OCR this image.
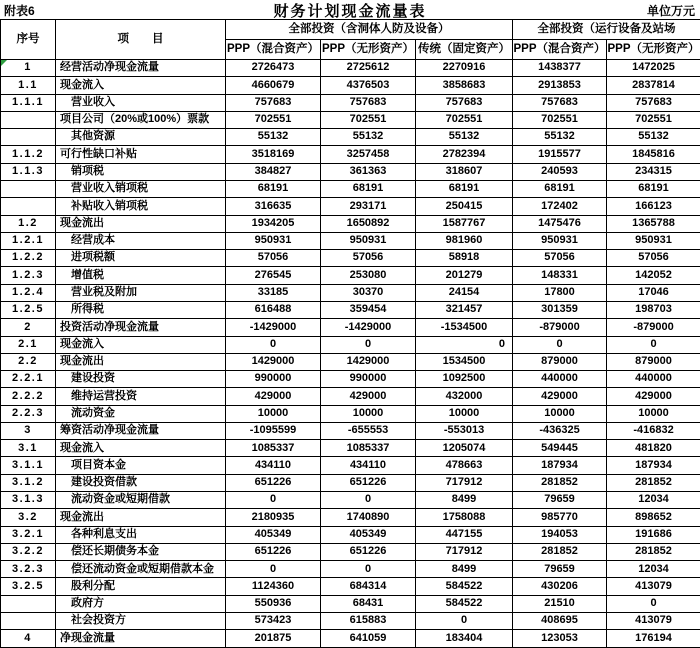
附表6	财务计划现金流量表	单位万元
序号	项　　目	全部投资（含洞体人防及设备）			全部投资（运行设备及站场	
		PPP（混合资产）	PPP（无形资产）	传统（固定资产）	PPP（混合资产）	PPP（无形资产）
1	经营活动净现金流量	2726473	2725612	2270916	1438377	1472025
1.1	现金流入	4660679	4376503	3858683	2913853	2837814
1.1.1	营业收入	757683	757683	757683	757683	757683
	项目公司（20%或100%）票款	702551	702551	702551	702551	702551
	其他资源	55132	55132	55132	55132	55132
1.1.2	可行性缺口补贴	3518169	3257458	2782394	1915577	1845816
1.1.3	销项税	384827	361363	318607	240593	234315
	营业收入销项税	68191	68191	68191	68191	68191
	补贴收入销项税	316635	293171	250415	172402	166123
1.2	现金流出	1934205	1650892	1587767	1475476	1365788
1.2.1	经营成本	950931	950931	981960	950931	950931
1.2.2	进项税额	57056	57056	58918	57056	57056
1.2.3	增值税	276545	253080	201279	148331	142052
1.2.4	营业税及附加	33185	30370	24154	17800	17046
1.2.5	所得税	616488	359454	321457	301359	198703
2	投资活动净现金流量	-1429000	-1429000	-1534500	-879000	-879000
2.1	现金流入	0	0	0	0	0
2.2	现金流出	1429000	1429000	1534500	879000	879000
2.2.1	建设投资	990000	990000	1092500	440000	440000
2.2.2	维持运营投资	429000	429000	432000	429000	429000
2.2.3	流动资金	10000	10000	10000	10000	10000
3	筹资活动净现金流量	-1095599	-655553	-553013	-436325	-416832
3.1	现金流入	1085337	1085337	1205074	549445	481820
3.1.1	项目资本金	434110	434110	478663	187934	187934
3.1.2	建设投资借款	651226	651226	717912	281852	281852
3.1.3	流动资金或短期借款	0	0	8499	79659	12034
3.2	现金流出	2180935	1740890	1758088	985770	898652
3.2.1	各种利息支出	405349	405349	447155	194053	191686
3.2.2	偿还长期债务本金	651226	651226	717912	281852	281852
3.2.3	偿还流动资金或短期借款本金	0	0	8499	79659	12034
3.2.5	股利分配	1124360	684314	584522	430206	413079
	政府方	550936	68431	584522	21510	0
	社会投资方	573423	615883	0	408695	413079
4	净现金流量	201875	641059	183404	123053	176194
